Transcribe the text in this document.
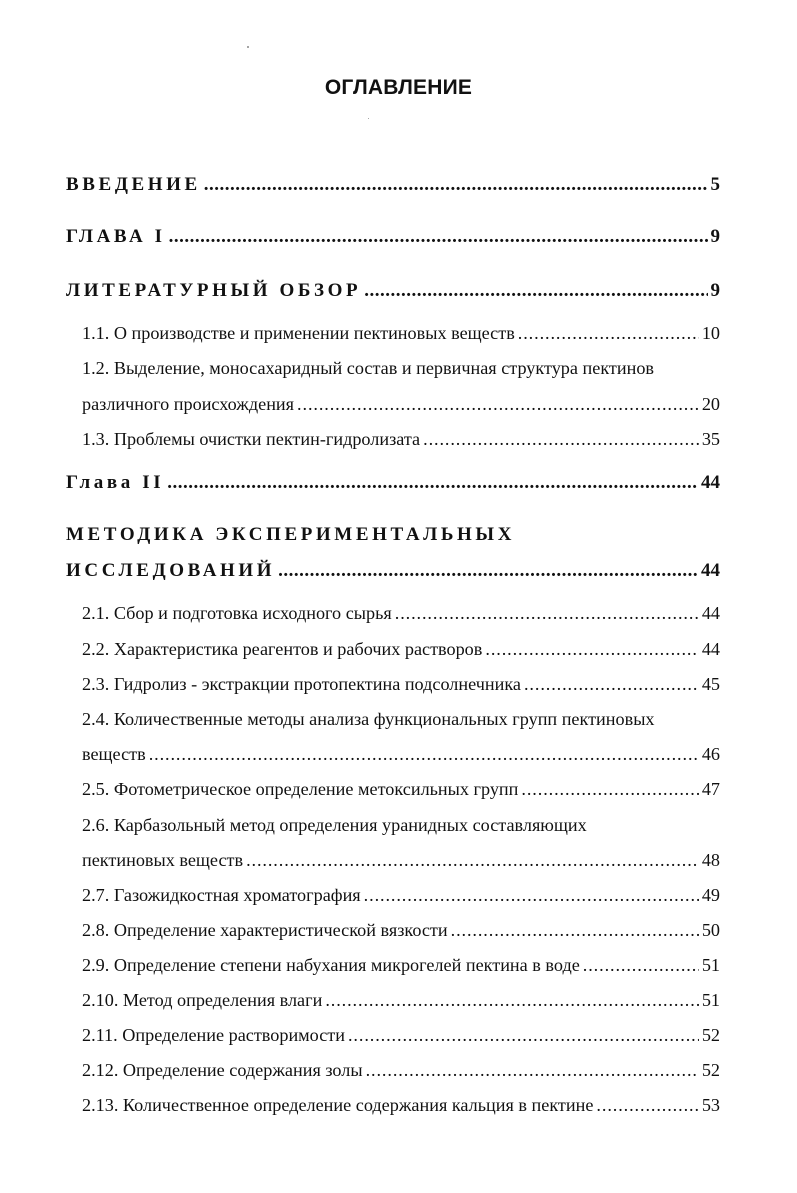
ОГЛАВЛЕНИЕ
ВВЕДЕНИЕ .....	5
ГЛАВА I .....	9
ЛИТЕРАТУРНЫЙ ОБЗОР .....	9
1.1. О производстве и применении пектиновых веществ .....	10
1.2. Выделение, моносахаридный состав и первичная структура пектинов
различного происхождения .....	20
1.3. Проблемы очистки пектин-гидролизата .....	35
Глава II .....	44
МЕТОДИКА ЭКСПЕРИМЕНТАЛЬНЫХ
ИССЛЕДОВАНИЙ .....	44
2.1. Сбор и подготовка исходного сырья .....	44
2.2. Характеристика реагентов и рабочих растворов .....	44
2.3. Гидролиз - экстракции протопектина подсолнечника .....	45
2.4. Количественные методы анализа функциональных групп пектиновых
веществ .....	46
2.5. Фотометрическое определение метоксильных групп .....	47
2.6. Карбазольный метод определения уранидных составляющих
пектиновых веществ .....	48
2.7. Газожидкостная хроматография .....	49
2.8. Определение характеристической вязкости .....	50
2.9. Определение степени набухания микрогелей пектина в воде .....	51
2.10. Метод определения влаги .....	51
2.11. Определение растворимости .....	52
2.12. Определение содержания золы .....	52
2.13. Количественное определение содержания кальция в пектине .....	53
